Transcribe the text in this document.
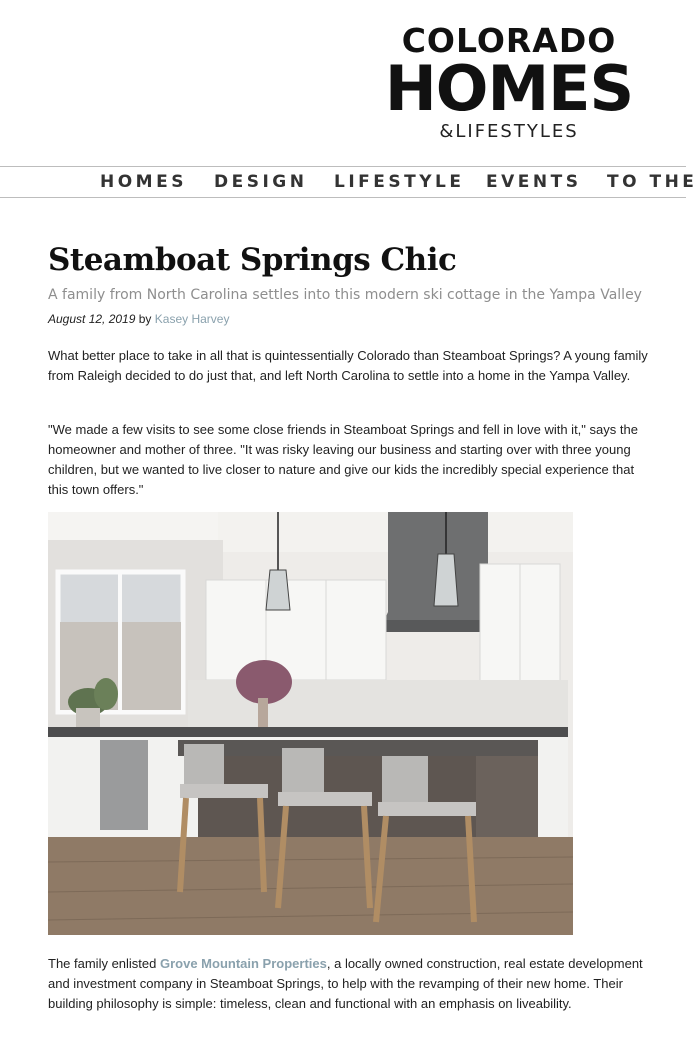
COLORADO
HOMES
&LIFESTYLES
HOMES DESIGN LIFESTYLE EVENTS TO THE
Steamboat Springs Chic
A family from North Carolina settles into this modern ski cottage in the Yampa Valley
August 12, 2019 by Kasey Harvey

What better place to take in all that is quintessentially Colorado than Steamboat Springs? A young family from Raleigh decided to do just that, and left North Carolina to settle into a home in the Yampa Valley.

"We made a few visits to see some close friends in Steamboat Springs and fell in love with it," says the homeowner and mother of three. "It was risky leaving our business and starting over with three young children, but we wanted to live closer to nature and give our kids the incredibly special experience that this town offers."

The family enlisted Grove Mountain Properties, a locally owned construction, real estate development and investment company in Steamboat Springs, to help with the revamping of their new home. Their building philosophy is simple: timeless, clean and functional with an emphasis on liveability.
